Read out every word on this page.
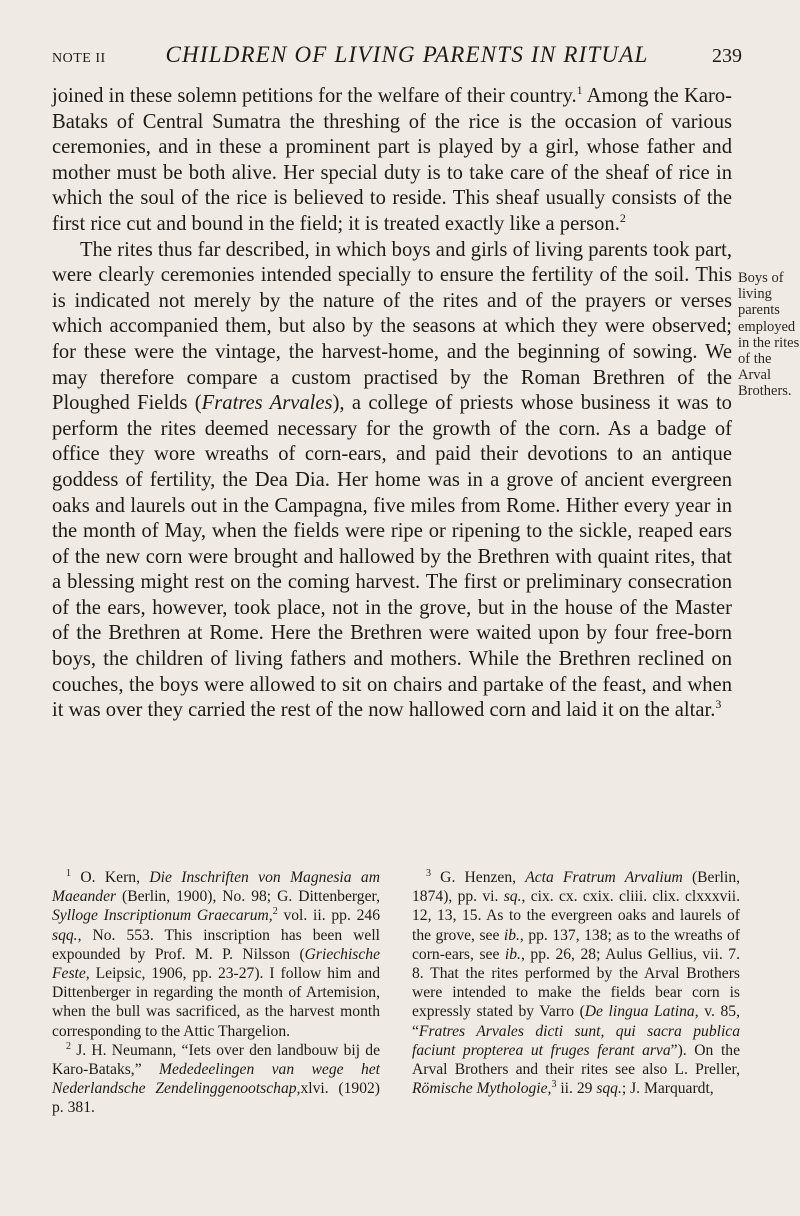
NOTE II	CHILDREN OF LIVING PARENTS IN RITUAL	239

joined in these solemn petitions for the welfare of their country.$^1$ Among the Karo-Bataks of Central Sumatra the threshing of the rice is the occasion of various ceremonies, and in these a prominent part is played by a girl, whose father and mother must be both alive. Her special duty is to take care of the sheaf of rice in which the soul of the rice is believed to reside. This sheaf usually consists of the first rice cut and bound in the field; it is treated exactly like a person.$^2$

The rites thus far described, in which boys and girls of living parents took part, were clearly ceremonies intended specially to ensure the fertility of the soil. This is indicated not merely by the nature of the rites and of the prayers or verses which accompanied them, but also by the seasons at which they were observed; for these were the vintage, the harvest-home, and the beginning of sowing. We may therefore compare a custom practised by the Roman Brethren of the Ploughed Fields (Fratres Arvales), a college of priests whose business it was to perform the rites deemed necessary for the growth of the corn. As a badge of office they wore wreaths of corn-ears, and paid their devotions to an antique goddess of fertility, the Dea Dia. Her home was in a grove of ancient evergreen oaks and laurels out in the Campagna, five miles from Rome. Hither every year in the month of May, when the fields were ripe or ripening to the sickle, reaped ears of the new corn were brought and hallowed by the Brethren with quaint rites, that a blessing might rest on the coming harvest. The first or preliminary consecration of the ears, however, took place, not in the grove, but in the house of the Master of the Brethren at Rome. Here the Brethren were waited upon by four free-born boys, the children of living fathers and mothers. While the Brethren reclined on couches, the boys were allowed to sit on chairs and partake of the feast, and when it was over they carried the rest of the now hallowed corn and laid it on the altar.$^3$

Boys of
living
parents
employed
in the rites
of the
Arval
Brothers.

$^1$ O. Kern, Die Inschriften von Magnesia am Maeander (Berlin, 1900), No. 98; G. Dittenberger, Sylloge Inscriptionum Graecarum,$^2$ vol. ii. pp. 246 sqq., No. 553. This inscription has been well expounded by Prof. M. P. Nilsson (Griechische Feste, Leipsic, 1906, pp. 23-27). I follow him and Dittenberger in regarding the month of Artemision, when the bull was sacrificed, as the harvest month corresponding to the Attic Thargelion.

$^2$ J. H. Neumann, “Iets over den landbouw bij de Karo-Bataks,” Mededeelingen van wege het Nederlandsche Zendelinggenootschap,xlvi. (1902) p. 381.

$^3$ G. Henzen, Acta Fratrum Arvalium (Berlin, 1874), pp. vi. sq., cix. cx. cxix. cliii. clix. clxxxvii. 12, 13, 15. As to the evergreen oaks and laurels of the grove, see ib., pp. 137, 138; as to the wreaths of corn-ears, see ib., pp. 26, 28; Aulus Gellius, vii. 7. 8. That the rites performed by the Arval Brothers were intended to make the fields bear corn is expressly stated by Varro (De lingua Latina, v. 85, “Fratres Arvales dicti sunt, qui sacra publica faciunt propterea ut fruges ferant arva”). On the Arval Brothers and their rites see also L. Preller, Römische Mythologie,$^3$ ii. 29 sqq.; J. Marquardt,
